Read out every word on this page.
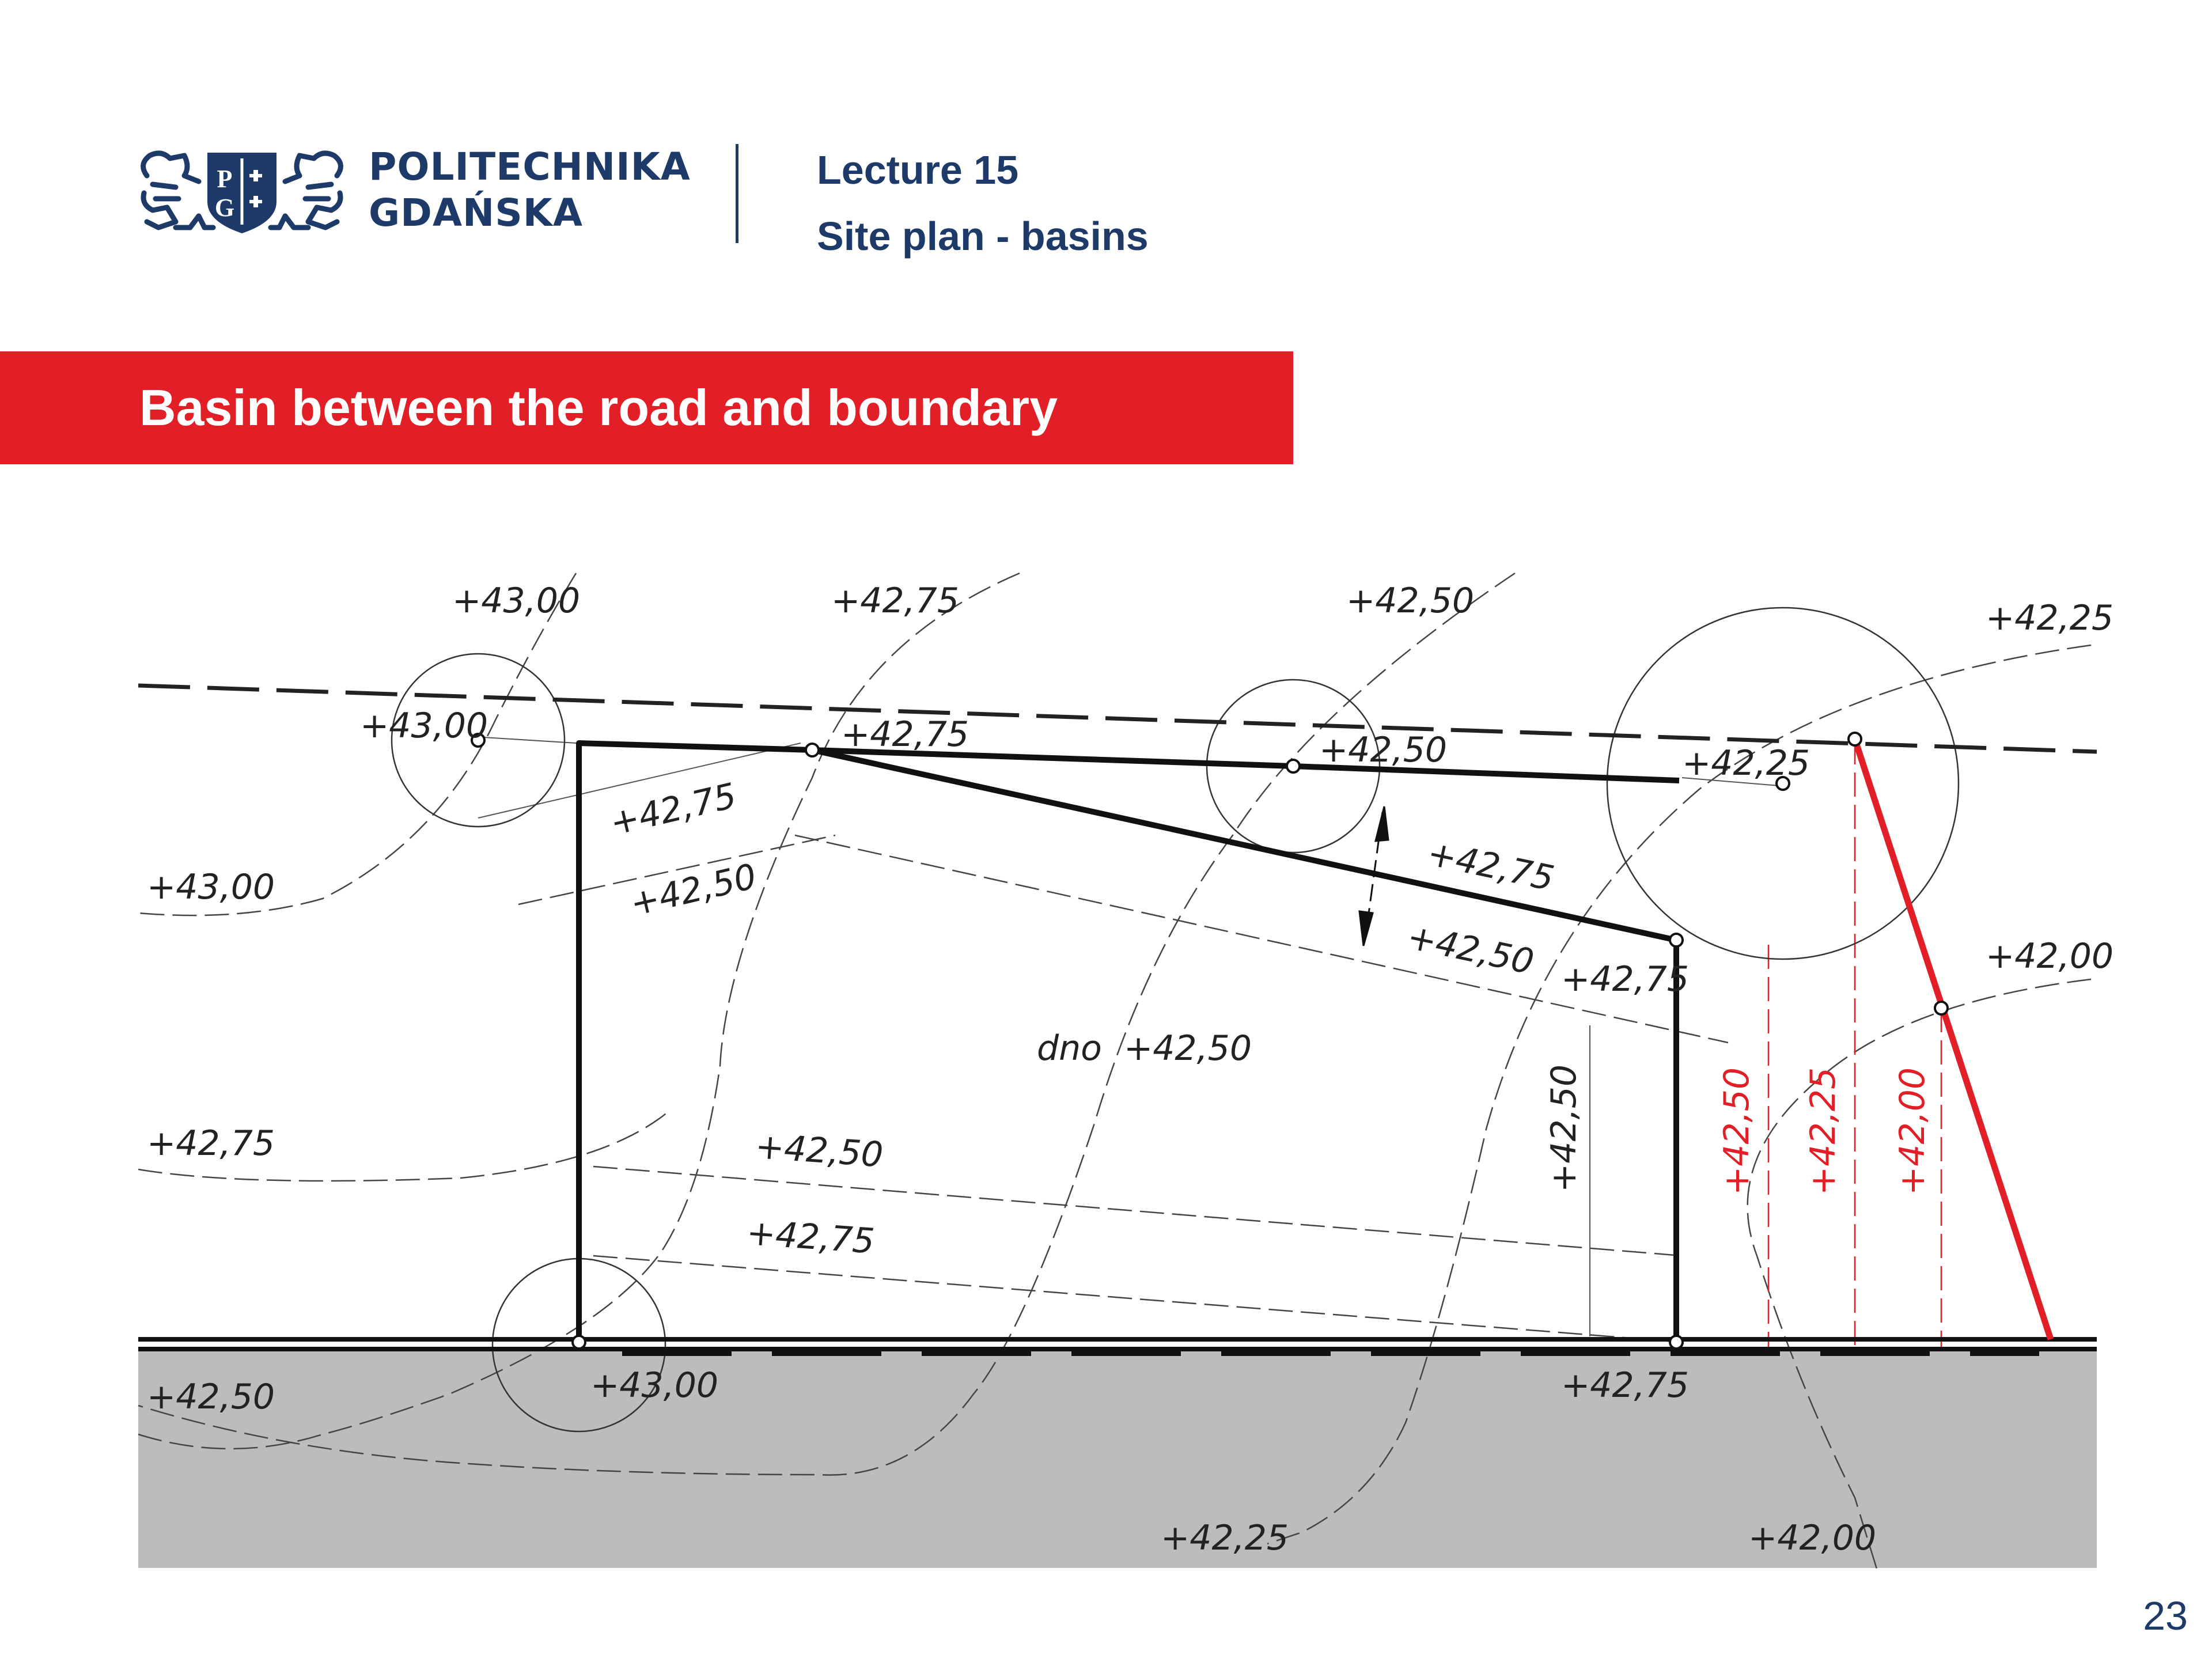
P
G
POLITECHNIKA
GDAŃSKA
Lecture 15
Site plan - basins
Basin between the road and boundary
+43,00	+42,75	+42,50	+42,25
+43,00
+42,75
+42,50
+42,00
+42,25	+42,00
+43,00	+42,75	+42,50	+42,25
+43,00	+42,75
+42,75
+42,75
+42,50	+42,75
+42,50
+42,50
+42,75
+42,50
dno  +42,50
+42,50 +42,25 +42,00
23
